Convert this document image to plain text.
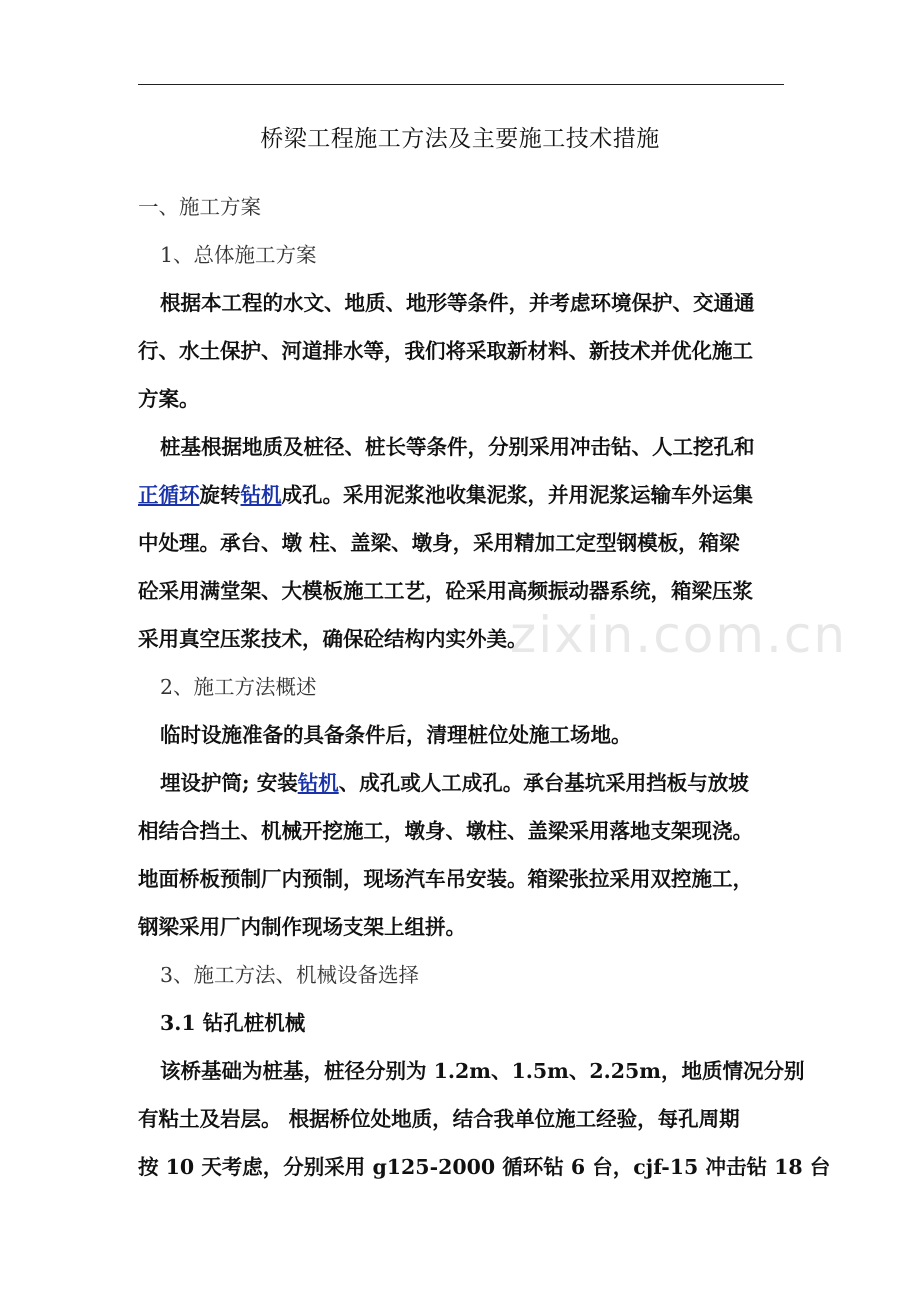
桥梁工程施工方法及主要施工技术措施
一、施工方案
1、总体施工方案
根据本工程的水文、地质、地形等条件，并考虑环境保护、交通通
行、水土保护、河道排水等，我们将采取新材料、新技术并优化施工
方案。
桩基根据地质及桩径、桩长等条件，分别采用冲击钻、人工挖孔和
正循环旋转钻机成孔。采用泥浆池收集泥浆，并用泥浆运输车外运集
中处理。承台、墩 柱、盖梁、墩身，采用精加工定型钢模板，箱梁
砼采用满堂架、大模板施工工艺，砼采用高频振动器系统，箱梁压浆
采用真空压浆技术，确保砼结构内实外美。
2、施工方法概述
临时设施准备的具备条件后，清理桩位处施工场地。
埋设护筒; 安装钻机、成孔或人工成孔。承台基坑采用挡板与放坡
相结合挡土、机械开挖施工，墩身、墩柱、盖梁采用落地支架现浇。
地面桥板预制厂内预制，现场汽车吊安装。箱梁张拉采用双控施工，
钢梁采用厂内制作现场支架上组拼。
3、施工方法、机械设备选择
3.1 钻孔桩机械
该桥基础为桩基，桩径分别为 1.2m、1.5m、2.25m，地质情况分别
有粘土及岩层。 根据桥位处地质，结合我单位施工经验，每孔周期
按 10 天考虑，分别采用 g125-2000 循环钻 6 台，cjf-15 冲击钻 18 台
zixin.com.cn
